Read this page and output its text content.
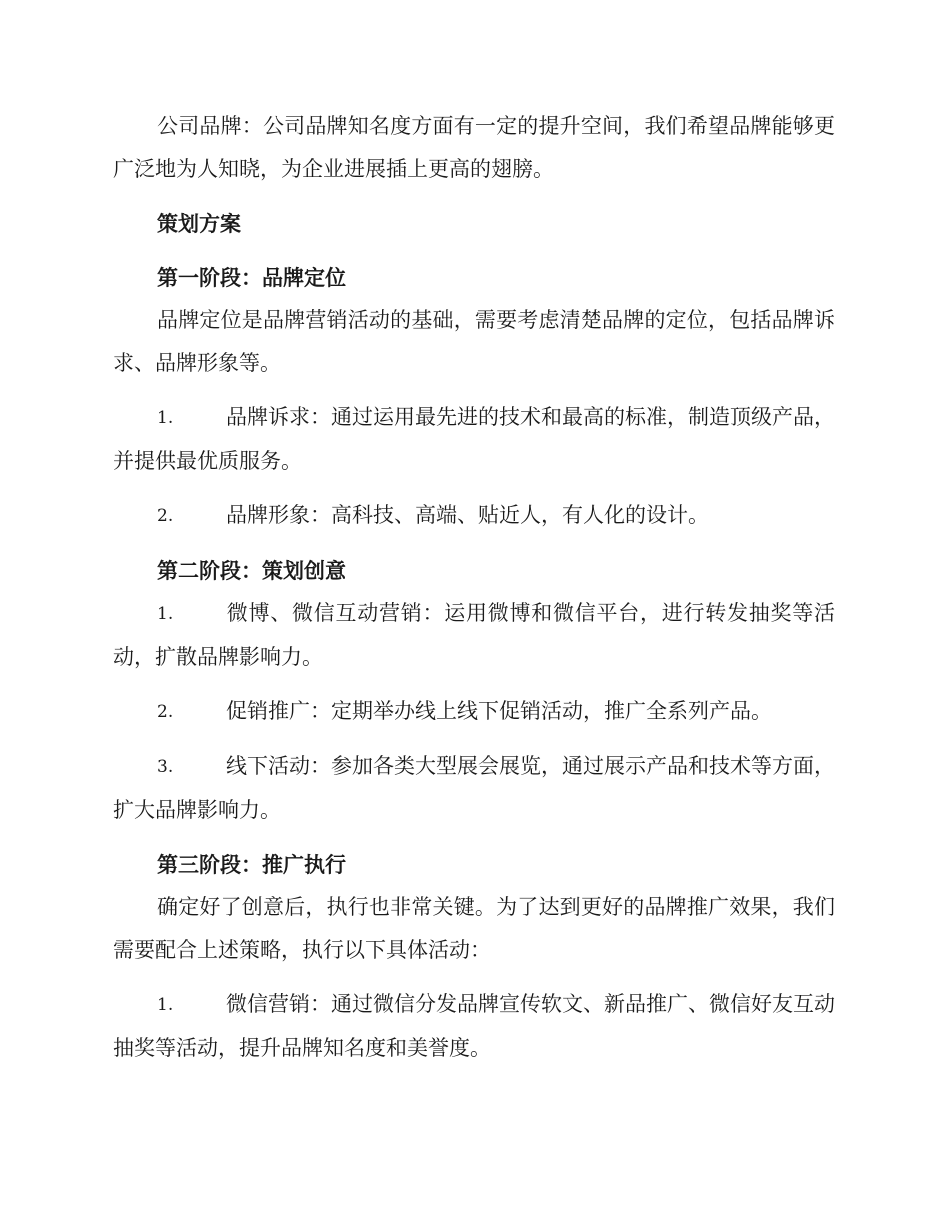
公司品牌：公司品牌知名度方面有一定的提升空间，我们希望品牌能够更广泛地为人知晓，为企业进展插上更高的翅膀。

策划方案

第一阶段：品牌定位

品牌定位是品牌营销活动的基础，需要考虑清楚品牌的定位，包括品牌诉求、品牌形象等。

1.	品牌诉求：通过运用最先进的技术和最高的标准，制造顶级产品，并提供最优质服务。

2.	品牌形象：高科技、高端、贴近人，有人化的设计。

第二阶段：策划创意

1.	微博、微信互动营销：运用微博和微信平台，进行转发抽奖等活动，扩散品牌影响力。

2.	促销推广：定期举办线上线下促销活动，推广全系列产品。

3.	线下活动：参加各类大型展会展览，通过展示产品和技术等方面，扩大品牌影响力。

第三阶段：推广执行

确定好了创意后，执行也非常关键。为了达到更好的品牌推广效果，我们需要配合上述策略，执行以下具体活动：

1.	微信营销：通过微信分发品牌宣传软文、新品推广、微信好友互动抽奖等活动，提升品牌知名度和美誉度。
